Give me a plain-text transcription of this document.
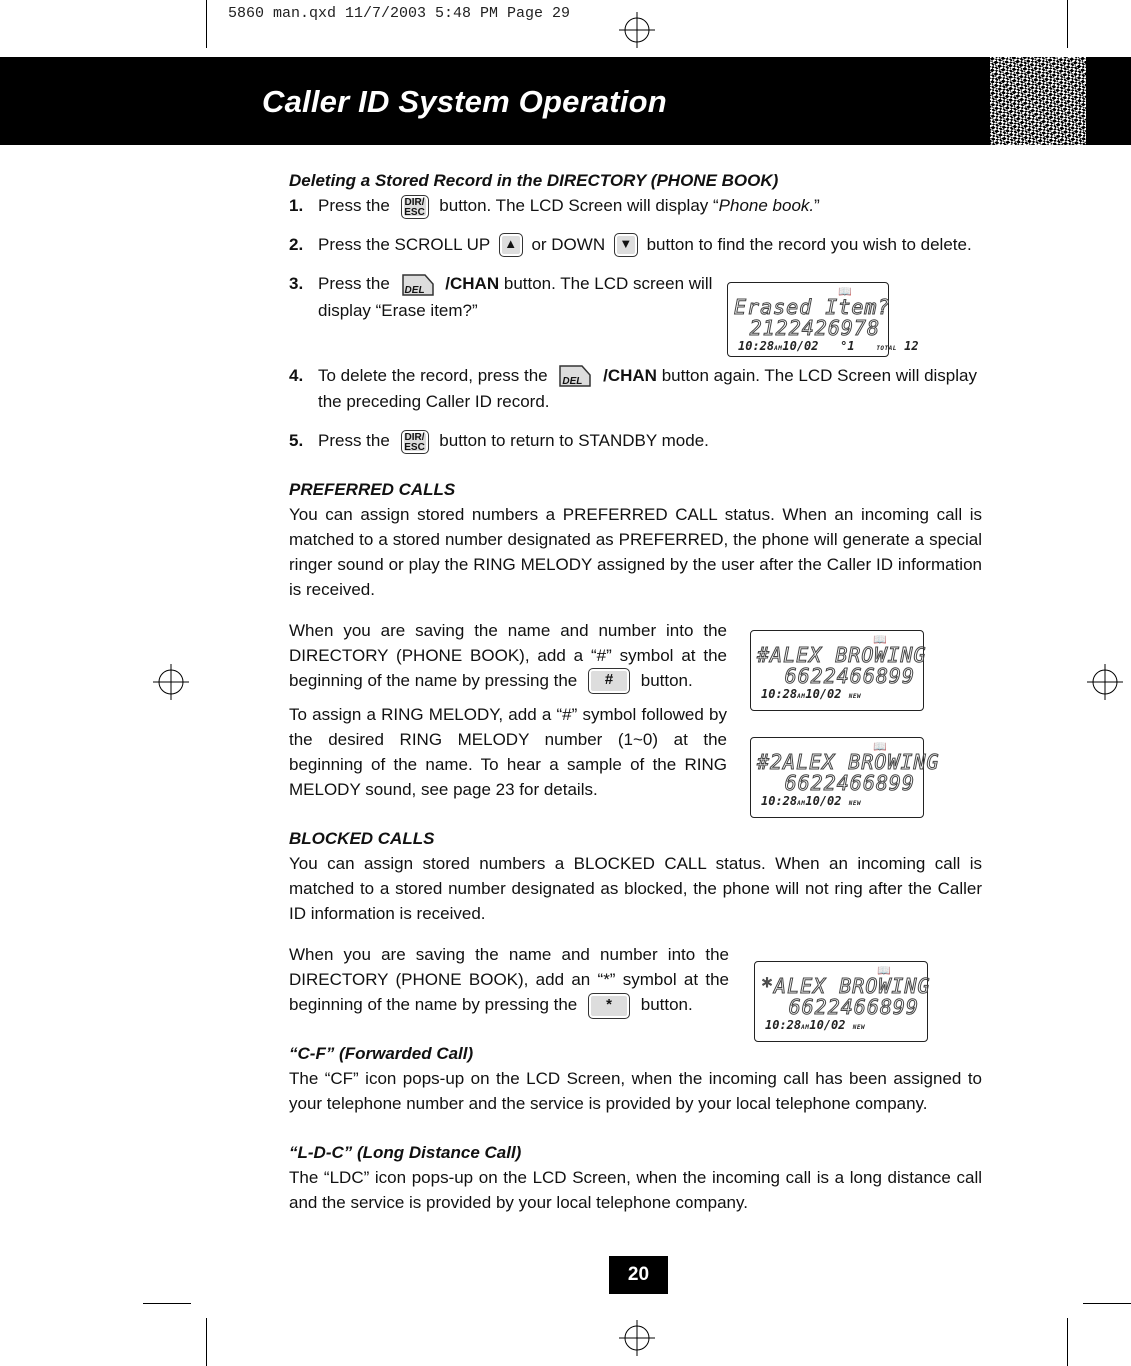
5860 man.qxd 11/7/2003 5:48 PM Page 29
Caller ID System Operation
📖
Erased Item?
2122426978
10:28AM10/02   °1	TOTAL 12
📖
#ALEX BROWING
6622466899
10:28AM10/02 NEW
📖
#2ALEX BROWING
6622466899
10:28AM10/02 NEW
📖
*ALEX BROWING
6622466899
10:28AM10/02 NEW

Deleting a Stored Record in the DIRECTORY (PHONE BOOK)

1. Press the DIR/
ESC button. The LCD Screen will display “Phone book.”

2. Press the SCROLL UP ▲ or DOWN ▼ button to find the record you wish to delete.

3. Press the DEL /CHAN button. The LCD screen will display “Erase item?”

4. To delete the record, press the DEL /CHAN button again. The LCD Screen will display the preceding Caller ID record.

5. Press the DIR/
ESC button to return to STANDBY mode.

PREFERRED CALLS

You can assign stored numbers a PREFERRED CALL status. When an incoming call is matched to a stored number designated as PREFERRED, the phone will generate a special ringer sound or play the RING MELODY assigned by the user after the Caller ID information is received.

When you are saving the name and number into the DIRECTORY (PHONE BOOK), add a “#” symbol at the beginning of the name by pressing the # button.

To assign a RING MELODY, add a “#” symbol followed by the desired RING MELODY number (1~0) at the beginning of the name. To hear a sample of the RING MELODY sound, see page 23 for details.

BLOCKED CALLS

You can assign stored numbers a BLOCKED CALL status. When an incoming call is matched to a stored number designated as blocked, the phone will not ring after the Caller ID information is received.

When you are saving the name and number into the DIRECTORY (PHONE BOOK), add an “*” symbol at the beginning of the name by pressing the * button.

“C-F” (Forwarded Call)

The “CF” icon pops-up on the LCD Screen, when the incoming call has been assigned to your telephone number and the service is provided by your local telephone company.

“L-D-C” (Long Distance Call)

The “LDC” icon pops-up on the LCD Screen, when the incoming call is a long distance call and the service is provided by your local telephone company.

20
